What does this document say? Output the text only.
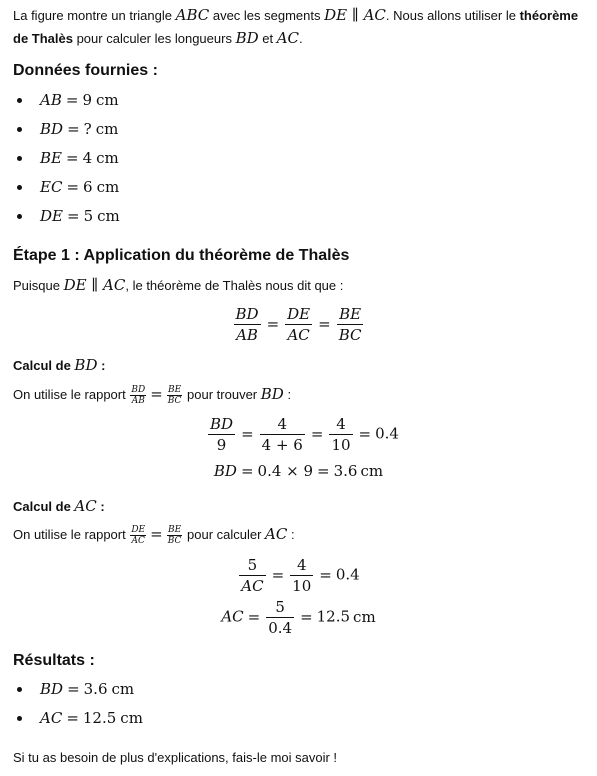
La figure montre un triangle ABC avec les segments DE ∥ AC. Nous allons utiliser le théorème de Thalès pour calculer les longueurs BD et AC.

Données fournies :
AB = 9 cm
BD = ? cm
BE = 4 cm
EC = 6 cm
DE = 5 cm
Étape 1 : Application du théorème de Thalès

Puisque DE ∥ AC, le théorème de Thalès nous dit que :

$\frac{BD}{AB} = \frac{DE}{AC} = \frac{BE}{BC}$

Calcul de BD :

On utilise le rapport $\frac{BD}{AB} = \frac{BE}{BC}$ pour trouver BD :

$\frac{BD}{9} = \frac{4}{4 + 6} = \frac{4}{10} = 0.4$
BD = 0.4 × 9 = 3.6 cm

Calcul de AC :

On utilise le rapport $\frac{DE}{AC} = \frac{BE}{BC}$ pour calculer AC :

$\frac{5}{AC} = \frac{4}{10} = 0.4$
AC = $\frac{5}{0.4} = 12.5$ cm
Résultats :
BD = 3.6 cm
AC = 12.5 cm

Si tu as besoin de plus d'explications, fais-le moi savoir !
